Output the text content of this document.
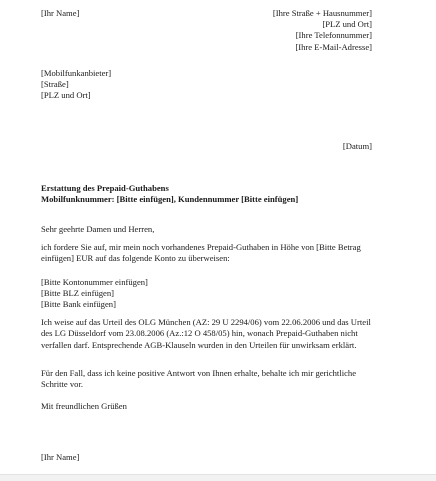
[Ihr Name]	[Ihre Straße + Hausnummer]
[PLZ und Ort]
[Ihre Telefonnummer]
[Ihre E-Mail-Adresse]
[Mobilfunkanbieter]
[Straße]
[PLZ und Ort]
[Datum]
Erstattung des Prepaid-Guthabens
Mobilfunknummer: [Bitte einfügen], Kundennummer [Bitte einfügen]
Sehr geehrte Damen und Herren,
ich fordere Sie auf, mir mein noch vorhandenes Prepaid-Guthaben in Höhe von [Bitte Betrag einfügen] EUR auf das folgende Konto zu überweisen:
[Bitte Kontonummer einfügen]
[Bitte BLZ einfügen]
[Bitte Bank einfügen]
Ich weise auf das Urteil des OLG München (AZ: 29 U 2294/06) vom 22.06.2006 und das Urteil des LG Düsseldorf vom 23.08.2006 (Az.:12 O 458/05) hin, wonach Prepaid-Guthaben nicht verfallen darf. Entsprechende AGB-Klauseln wurden in den Urteilen für unwirksam erklärt.
Für den Fall, dass ich keine positive Antwort von Ihnen erhalte, behalte ich mir gerichtliche Schritte vor.
Mit freundlichen Grüßen
[Ihr Name]
